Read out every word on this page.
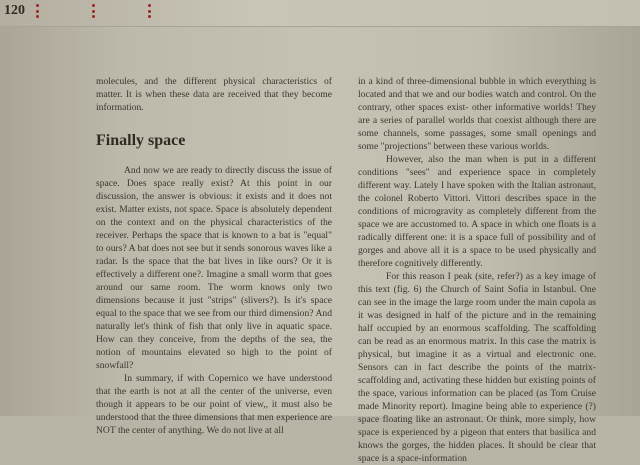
120

molecules, and the different physical characteristics of matter. It is when these data are received that they become information.

Finally space

And now we are ready to directly discuss the issue of space. Does space really exist? At this point in our discussion, the answer is obvious: it exists and it does not exist. Matter exists, not space. Space is absolutely dependent on the context and on the physical characteristics of the receiver. Perhaps the space that is known to a bat is "equal" to ours? A bat does not see but it sends sonorous waves like a radar. Is the space that the bat lives in like ours? Or it is effectively a different one?. Imagine a small worm that goes around our same room. The worm knows only two dimensions because it just "strips" (slivers?). Is it's space equal to the space that we see from our third dimension? And naturally let's think of fish that only live in aquatic space. How can they conceive, from the depths of the sea, the notion of mountains elevated so high to the point of snowfall?

In summary, if with Copernico we have understood that the earth is not at all the center of the universe, even though it appears to be our point of view,, it must also be understood that the three dimensions that men experience are NOT the center of anything. We do not live at all

in a kind of three-dimensional bubble in which everything is located and that we and our bodies watch and control. On the contrary, other spaces exist- other informative worlds! They are a series of parallel worlds that coexist although there are some channels, some passages, some small openings and some "projections" between these various worlds.

However, also the man when is put in a different conditions "sees" and experience space in completely different way. Lately I have spoken with the Italian astronaut, the colonel Roberto Vittori. Vittori describes space in the conditions of microgravity as completely different from the space we are accustomed to. A space in which one floats is a radically different one: it is a space full of possibility and of gorges and above all it is a space to be used physically and therefore cognitively differently.

For this reason I peak (site, refer?) as a key image of this text (fig. 6) the Church of Saint Sofia in Istanbul. One can see in the image the large room under the main cupola as it was designed in half of the picture and in the remaining half occupied by an enormous scaffolding. The scaffolding can be read as an enormous matrix. In this case the matrix is physical, but imagine it as a virtual and electronic one. Sensors can in fact describe the points of the matrix-scaffolding and, activating these hidden but existing points of the space, various information can be placed (as Tom Cruise made Minority report). Imagine being able to experience (?) space floating like an astronaut. Or think, more simply, how space is experienced by a pigeon that enters that basilica and knows the gorges, the hidden places. It should be clear that space is a space-information
